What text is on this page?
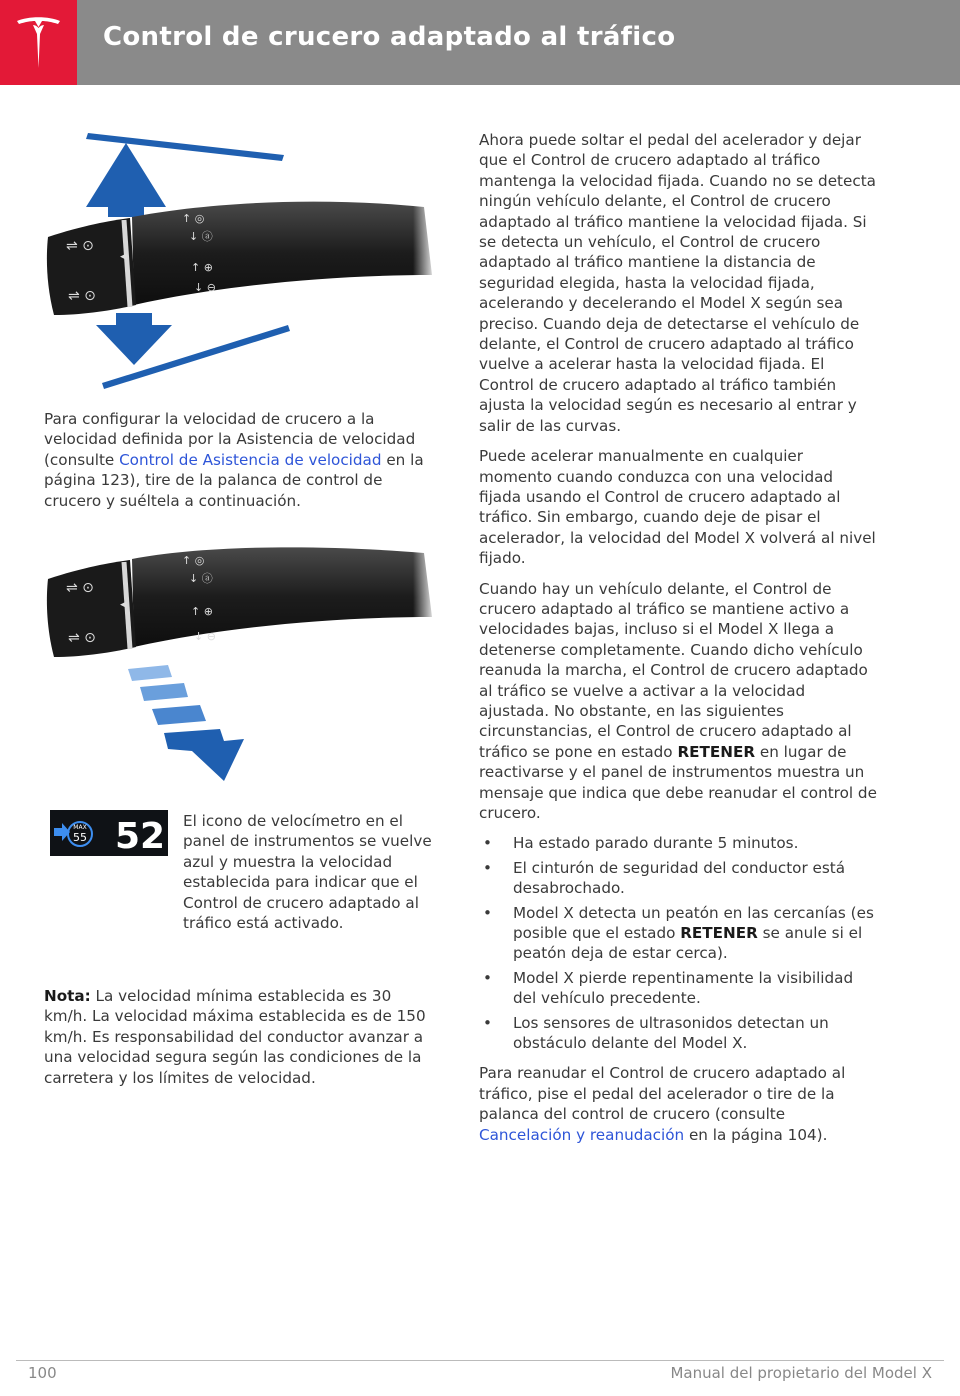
Control de crucero adaptado al tráfico
⇌ ⊙
⇌ ⊙
↑ ◎
↓ ⓐ
↑ ⊕
↓ ⊖
◀

Para configurar la velocidad de crucero a la velocidad definida por la Asistencia de velocidad (consulte Control de Asistencia de velocidad en la página 123), tire de la palanca de control de crucero y suéltela a continuación.

⇌ ⊙
⇌ ⊙
↑ ◎
↓ ⓐ
↑ ⊕
↓ ⊖
◀
MAX
55 52 El icono de velocímetro en el panel de instrumentos se vuelve azul y muestra la velocidad establecida para indicar que el Control de crucero adaptado al tráfico está activado.

Nota: La velocidad mínima establecida es 30 km/h. La velocidad máxima establecida es de 150 km/h. Es responsabilidad del conductor avanzar a una velocidad segura según las condiciones de la carretera y los límites de velocidad.

Ahora puede soltar el pedal del acelerador y dejar que el Control de crucero adaptado al tráfico mantenga la velocidad fijada. Cuando no se detecta ningún vehículo delante, el Control de crucero adaptado al tráfico mantiene la velocidad fijada. Si se detecta un vehículo, el Control de crucero adaptado al tráfico mantiene la distancia de seguridad elegida, hasta la velocidad fijada, acelerando y decelerando el Model X según sea preciso. Cuando deja de detectarse el vehículo de delante, el Control de crucero adaptado al tráfico vuelve a acelerar hasta la velocidad fijada. El Control de crucero adaptado al tráfico también ajusta la velocidad según es necesario al entrar y salir de las curvas.

Puede acelerar manualmente en cualquier momento cuando conduzca con una velocidad fijada usando el Control de crucero adaptado al tráfico. Sin embargo, cuando deje de pisar el acelerador, la velocidad del Model X volverá al nivel fijado.

Cuando hay un vehículo delante, el Control de crucero adaptado al tráfico se mantiene activo a velocidades bajas, incluso si el Model X llega a detenerse completamente. Cuando dicho vehículo reanuda la marcha, el Control de crucero adaptado al tráfico se vuelve a activar a la velocidad ajustada. No obstante, en las siguientes circunstancias, el Control de crucero adaptado al tráfico se pone en estado RETENER en lugar de reactivarse y el panel de instrumentos muestra un mensaje que indica que debe reanudar el control de crucero.

• Ha estado parado durante 5 minutos.
• El cinturón de seguridad del conductor está desabrochado.
• Model X detecta un peatón en las cercanías (es posible que el estado RETENER se anule si el peatón deja de estar cerca).
• Model X pierde repentinamente la visibilidad del vehículo precedente.
• Los sensores de ultrasonidos detectan un obstáculo delante del Model X.

Para reanudar el Control de crucero adaptado al tráfico, pise el pedal del acelerador o tire de la palanca del control de crucero (consulte Cancelación y reanudación en la página 104).

100	Manual del propietario del Model X
